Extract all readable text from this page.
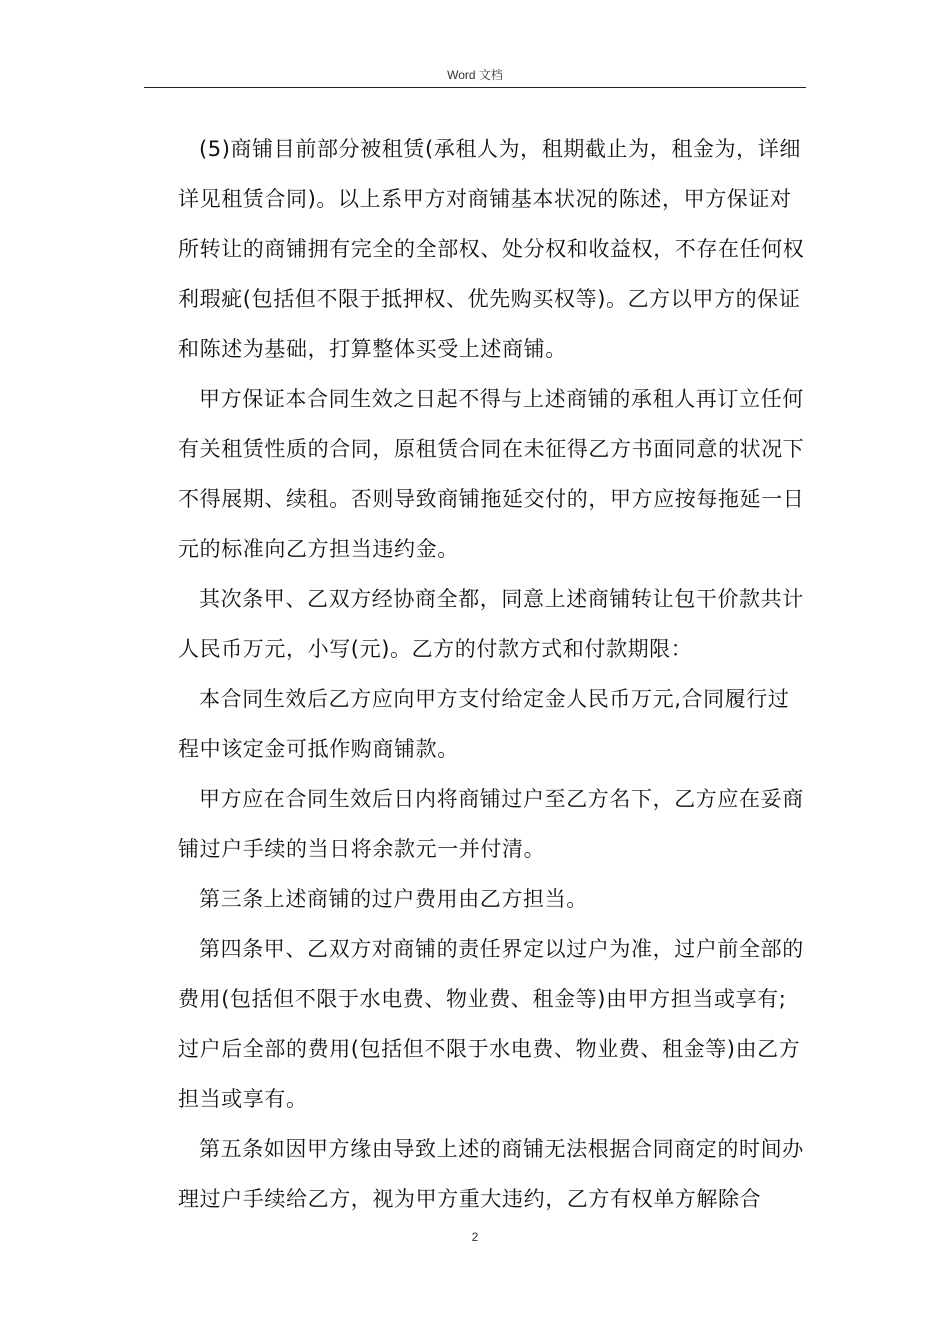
Word 文档

(5)商铺目前部分被租赁(承租人为，租期截止为，租金为，详细详见租赁合同)。以上系甲方对商铺基本状况的陈述，甲方保证对所转让的商铺拥有完全的全部权、处分权和收益权，不存在任何权利瑕疵(包括但不限于抵押权、优先购买权等)。乙方以甲方的保证和陈述为基础，打算整体买受上述商铺。

甲方保证本合同生效之日起不得与上述商铺的承租人再订立任何有关租赁性质的合同，原租赁合同在未征得乙方书面同意的状况下不得展期、续租。否则导致商铺拖延交付的，甲方应按每拖延一日元的标准向乙方担当违约金。

其次条甲、乙双方经协商全都，同意上述商铺转让包干价款共计人民币万元，小写(元)。乙方的付款方式和付款期限：

本合同生效后乙方应向甲方支付给定金人民币万元,合同履行过程中该定金可抵作购商铺款。

甲方应在合同生效后日内将商铺过户至乙方名下，乙方应在妥商铺过户手续的当日将余款元一并付清。

第三条上述商铺的过户费用由乙方担当。

第四条甲、乙双方对商铺的责任界定以过户为准，过户前全部的费用(包括但不限于水电费、物业费、租金等)由甲方担当或享有;过户后全部的费用(包括但不限于水电费、物业费、租金等)由乙方担当或享有。

第五条如因甲方缘由导致上述的商铺无法根据合同商定的时间办理过户手续给乙方，视为甲方重大违约，乙方有权单方解除合

2
